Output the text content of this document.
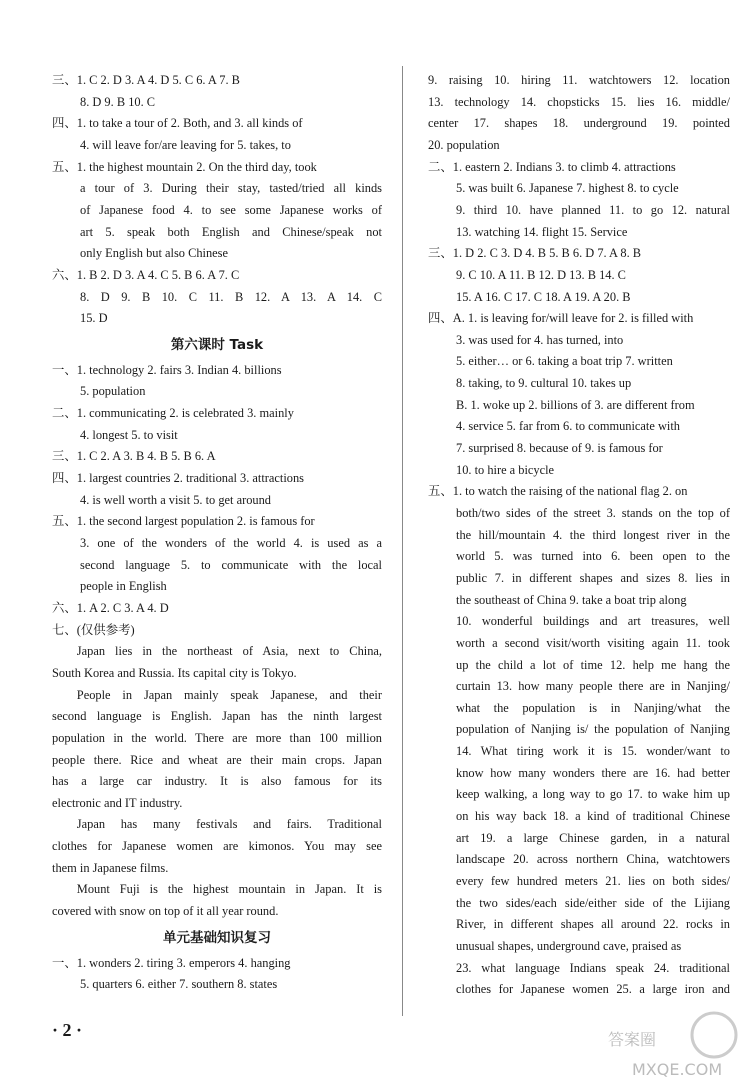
三、1. C 2. D 3. A 4. D 5. C 6. A 7. B
8. D 9. B 10. C
四、1. to take a tour of 2. Both, and 3. all kinds of
4. will leave for/are leaving for 5. takes, to
五、1. the highest mountain 2. On the third day, took
a tour of 3. During their stay, tasted/tried all kinds
of Japanese food 4. to see some Japanese works of
art 5. speak both English and Chinese/speak not
only English but also Chinese
六、1. B 2. D 3. A 4. C 5. B 6. A 7. C
8. D 9. B 10. C 11. B 12. A 13. A 14. C
15. D
第六课时 Task
一、1. technology 2. fairs 3. Indian 4. billions
5. population
二、1. communicating 2. is celebrated 3. mainly
4. longest 5. to visit
三、1. C 2. A 3. B 4. B 5. B 6. A
四、1. largest countries 2. traditional 3. attractions
4. is well worth a visit 5. to get around
五、1. the second largest population 2. is famous for
3. one of the wonders of the world 4. is used as a
second language 5. to communicate with the local
people in English
六、1. A 2. C 3. A 4. D
七、(仅供参考)
Japan lies in the northeast of Asia, next to China,
South Korea and Russia. Its capital city is Tokyo.
People in Japan mainly speak Japanese, and their
second language is English. Japan has the ninth largest
population in the world. There are more than 100 million
people there. Rice and wheat are their main crops. Japan
has a large car industry. It is also famous for its
electronic and IT industry.
Japan has many festivals and fairs. Traditional
clothes for Japanese women are kimonos. You may see
them in Japanese films.
Mount Fuji is the highest mountain in Japan. It is
covered with snow on top of it all year round.
单元基础知识复习
一、1. wonders 2. tiring 3. emperors 4. hanging
5. quarters 6. either 7. southern 8. states
9. raising 10. hiring 11. watchtowers 12. location
13. technology 14. chopsticks 15. lies 16. middle/
center 17. shapes 18. underground 19. pointed
20. population
二、1. eastern 2. Indians 3. to climb 4. attractions
5. was built 6. Japanese 7. highest 8. to cycle
9. third 10. have planned 11. to go 12. natural
13. watching 14. flight 15. Service
三、1. D 2. C 3. D 4. B 5. B 6. D 7. A 8. B
9. C 10. A 11. B 12. D 13. B 14. C
15. A 16. C 17. C 18. A 19. A 20. B
四、A. 1. is leaving for/will leave for 2. is filled with
3. was used for 4. has turned, into
5. either… or 6. taking a boat trip 7. written
8. taking, to 9. cultural 10. takes up
B. 1. woke up 2. billions of 3. are different from
4. service 5. far from 6. to communicate with
7. surprised 8. because of 9. is famous for
10. to hire a bicycle
五、1. to watch the raising of the national flag 2. on
both/two sides of the street 3. stands on the top of
the hill/mountain 4. the third longest river in the
world 5. was turned into 6. been open to the
public 7. in different shapes and sizes 8. lies in
the southeast of China 9. take a boat trip along
10. wonderful buildings and art treasures, well
worth a second visit/worth visiting again 11. took
up the child a lot of time 12. help me hang the
curtain 13. how many people there are in Nanjing/
what the population is in Nanjing/what the
population of Nanjing is/ the population of Nanjing
14. What tiring work it is 15. wonder/want to
know how many wonders there are 16. had better
keep walking, a long way to go 17. to wake him up
on his way back 18. a kind of traditional Chinese
art 19. a large Chinese garden, in a natural
landscape 20. across northern China, watchtowers
every few hundred meters 21. lies on both sides/
the two sides/each side/either side of the Lijiang
River, in different shapes all around 22. rocks in
unusual shapes, underground cave, praised as
23. what language Indians speak 24. traditional
clothes for Japanese women 25. a large iron and
· 2 ·	答案圈
MXQE.COM
